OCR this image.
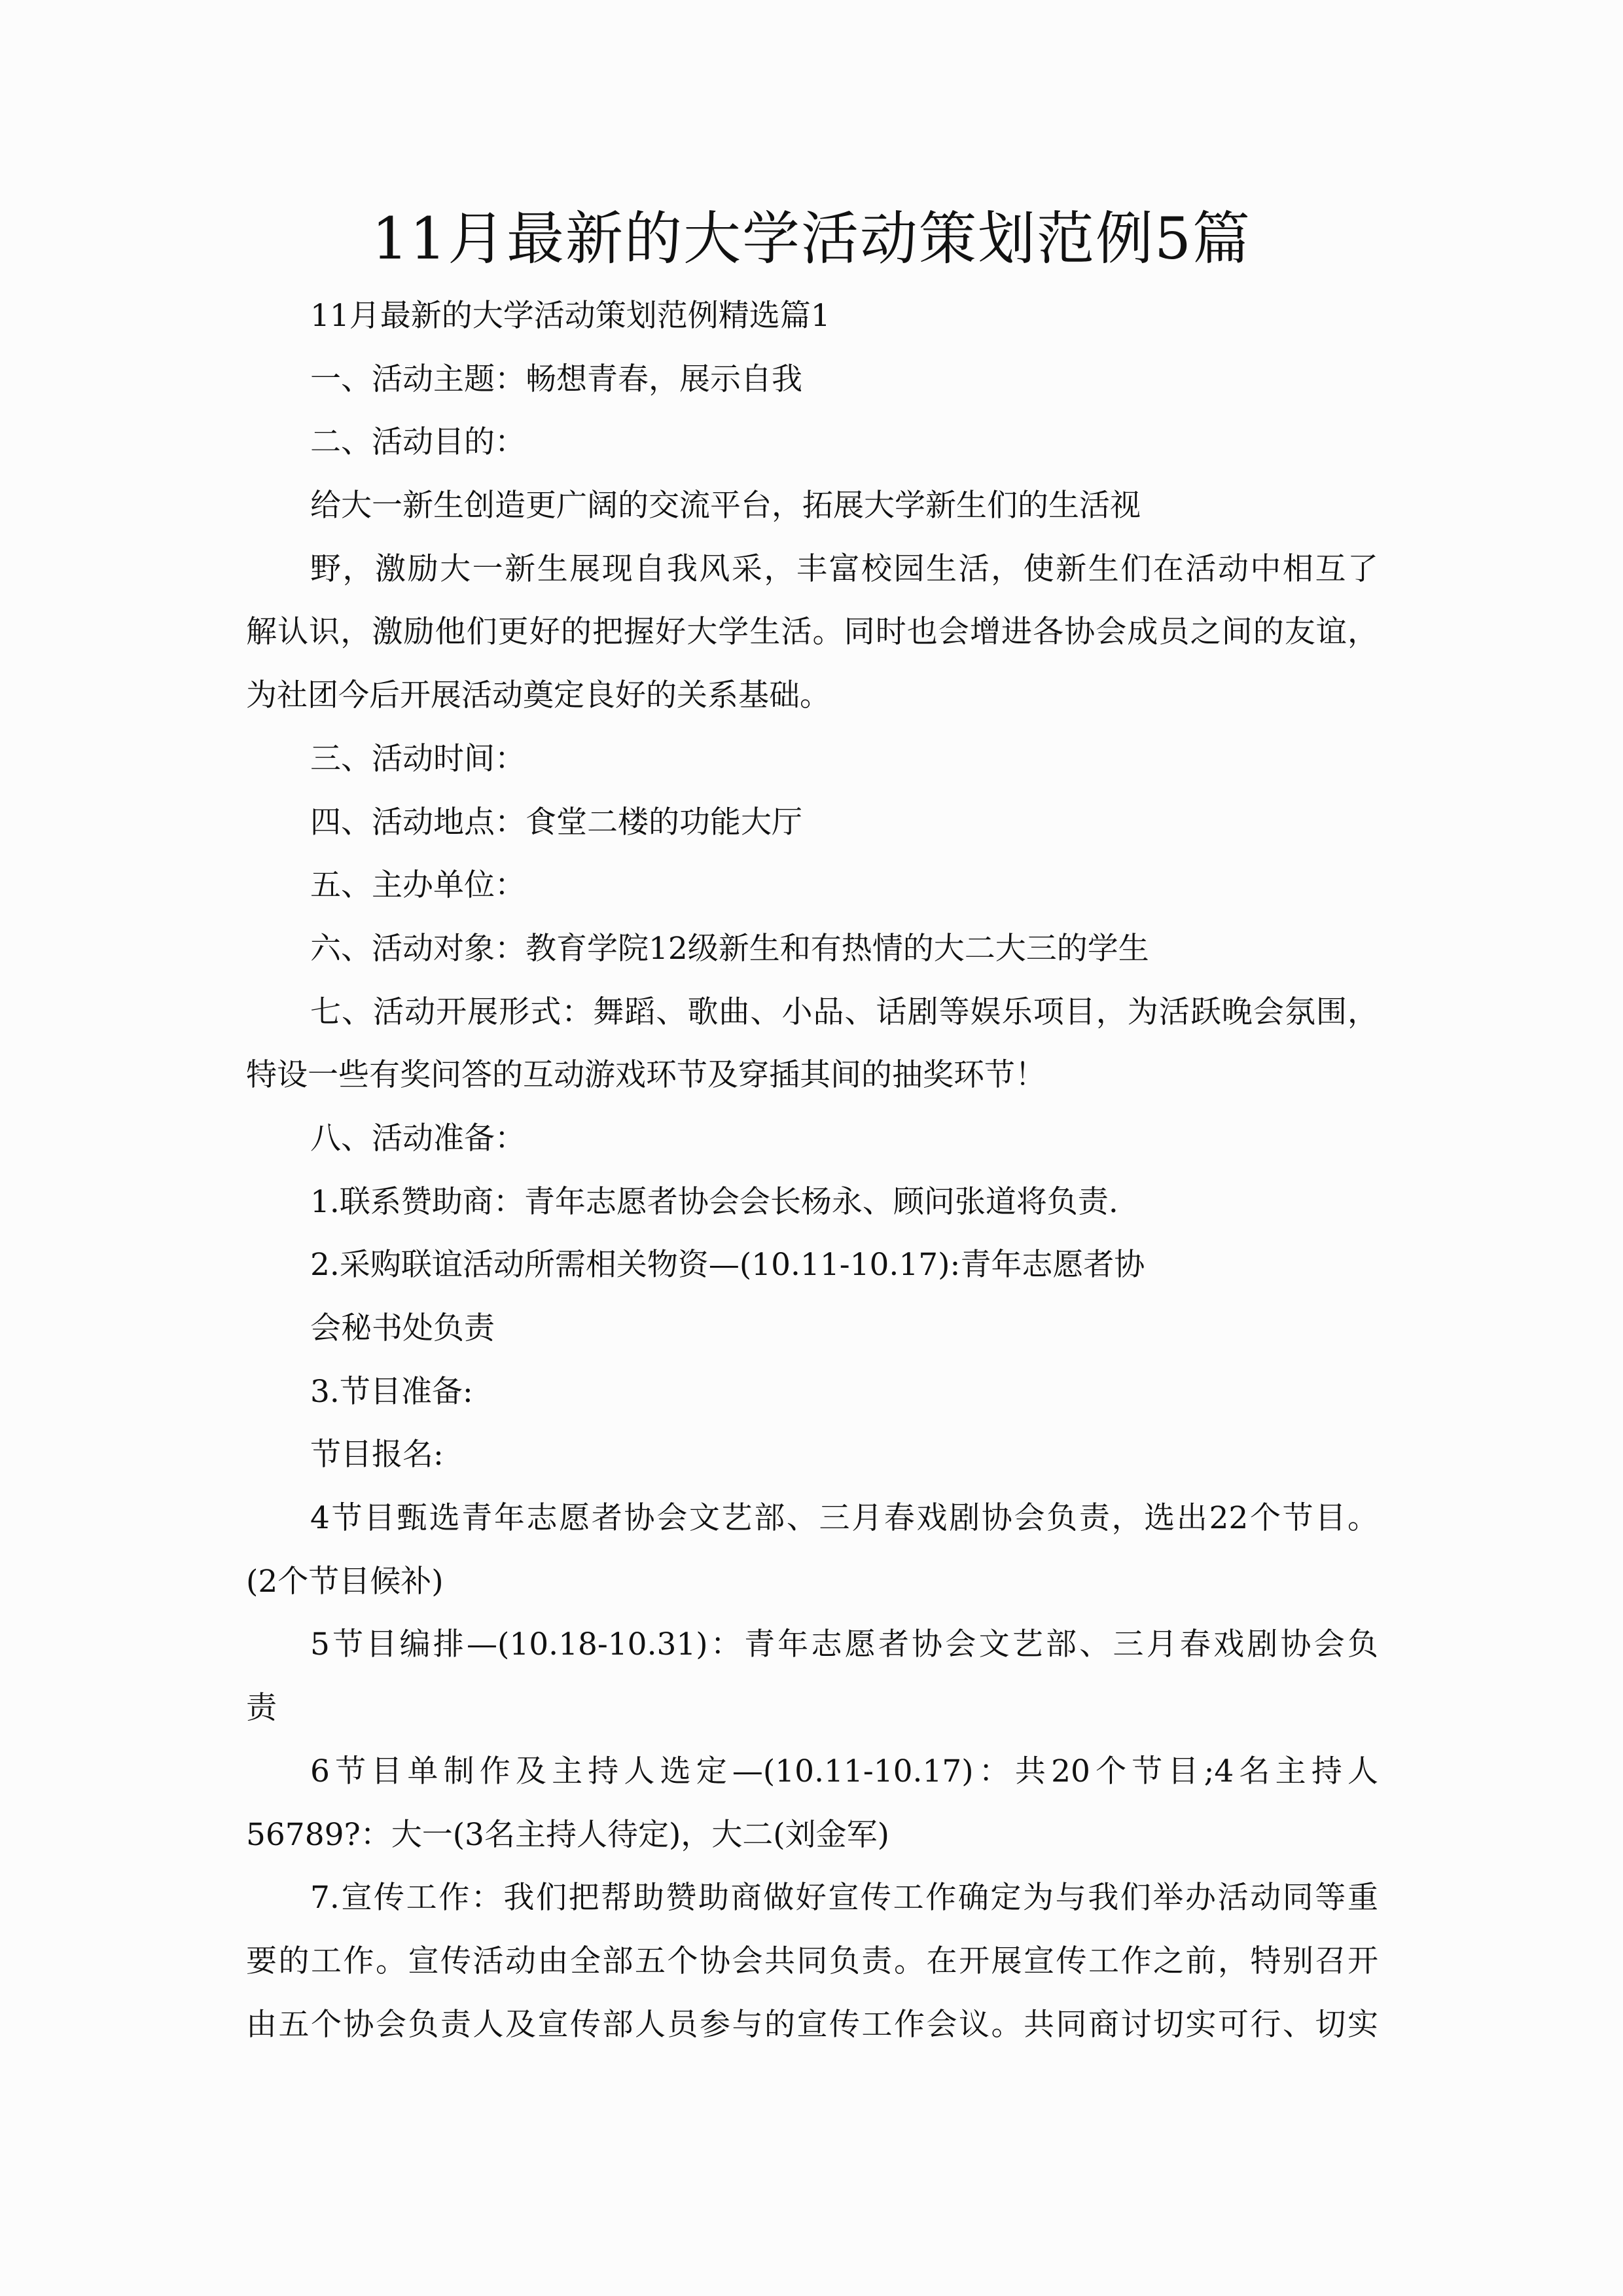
11月最新的大学活动策划范例5篇
11月最新的大学活动策划范例精选篇1
一、活动主题：畅想青春，展示自我
二、活动目的：
给大一新生创造更广阔的交流平台，拓展大学新生们的生活视
野，激励大一新生展现自我风采，丰富校园生活，使新生们在活动中相互了
解认识，激励他们更好的把握好大学生活。同时也会增进各协会成员之间的友谊，
为社团今后开展活动奠定良好的关系基础。
三、活动时间：
四、活动地点：食堂二楼的功能大厅
五、主办单位：
六、活动对象：教育学院12级新生和有热情的大二大三的学生
七、活动开展形式：舞蹈、歌曲、小品、话剧等娱乐项目，为活跃晚会氛围，
特设一些有奖问答的互动游戏环节及穿插其间的抽奖环节！
八、活动准备：
1.联系赞助商：青年志愿者协会会长杨永、顾问张道将负责.
2.采购联谊活动所需相关物资—(10.11-10.17):青年志愿者协
会秘书处负责
3.节目准备:
节目报名:
4节目甄选青年志愿者协会文艺部、三月春戏剧协会负责，选出22个节目。
(2个节目候补)
5节目编排—(10.18-10.31)：青年志愿者协会文艺部、三月春戏剧协会负
责
6节目单制作及主持人选定—(10.11-10.17)：共20个节目;4名主持人
56789?：大一(3名主持人待定)，大二(刘金军)
7.宣传工作：我们把帮助赞助商做好宣传工作确定为与我们举办活动同等重
要的工作。宣传活动由全部五个协会共同负责。在开展宣传工作之前，特别召开
由五个协会负责人及宣传部人员参与的宣传工作会议。共同商讨切实可行、切实
